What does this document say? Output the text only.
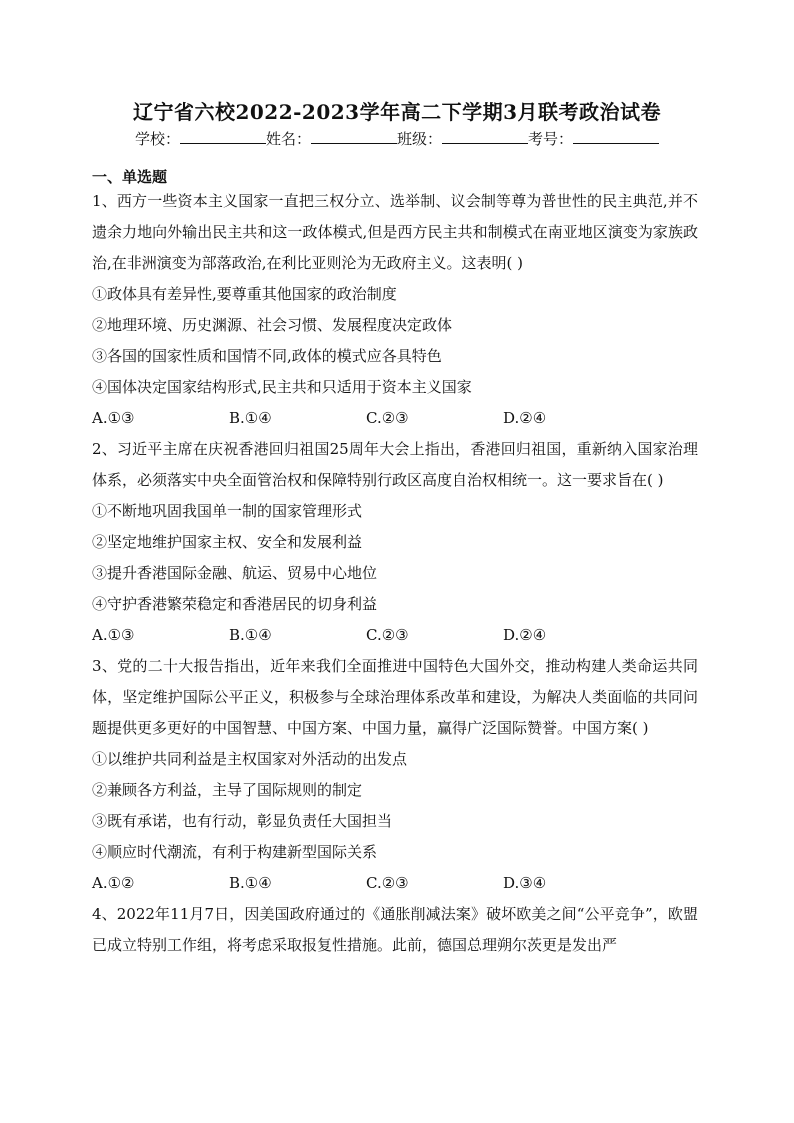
辽宁省六校2022-2023学年高二下学期3月联考政治试卷
学校：	姓名：	班级：	考号：
一、单选题
1、西方一些资本主义国家一直把三权分立、选举制、议会制等尊为普世性的民主典范,并不遗余力地向外输出民主共和这一政体模式,但是西方民主共和制模式在南亚地区演变为家族政治,在非洲演变为部落政治,在利比亚则沦为无政府主义。这表明( )
①政体具有差异性,要尊重其他国家的政治制度
②地理环境、历史渊源、社会习惯、发展程度决定政体
③各国的国家性质和国情不同,政体的模式应各具特色
④国体决定国家结构形式,民主共和只适用于资本主义国家
A.①③	B.①④	C.②③	D.②④
2、习近平主席在庆祝香港回归祖国25周年大会上指出，香港回归祖国，重新纳入国家治理体系，必须落实中央全面管治权和保障特别行政区高度自治权相统一。这一要求旨在( )
①不断地巩固我国单一制的国家管理形式
②坚定地维护国家主权、安全和发展利益
③提升香港国际金融、航运、贸易中心地位
④守护香港繁荣稳定和香港居民的切身利益
A.①③	B.①④	C.②③	D.②④
3、党的二十大报告指出，近年来我们全面推进中国特色大国外交，推动构建人类命运共同体，坚定维护国际公平正义，积极参与全球治理体系改革和建设，为解决人类面临的共同问题提供更多更好的中国智慧、中国方案、中国力量，赢得广泛国际赞誉。中国方案( )
①以维护共同利益是主权国家对外活动的出发点
②兼顾各方利益，主导了国际规则的制定
③既有承诺，也有行动，彰显负责任大国担当
④顺应时代潮流，有利于构建新型国际关系
A.①②	B.①④	C.②③	D.③④
4、2022年11月7日，因美国政府通过的《通胀削减法案》破坏欧美之间“公平竞争”，欧盟已成立特别工作组，将考虑采取报复性措施。此前，德国总理朔尔茨更是发出严
